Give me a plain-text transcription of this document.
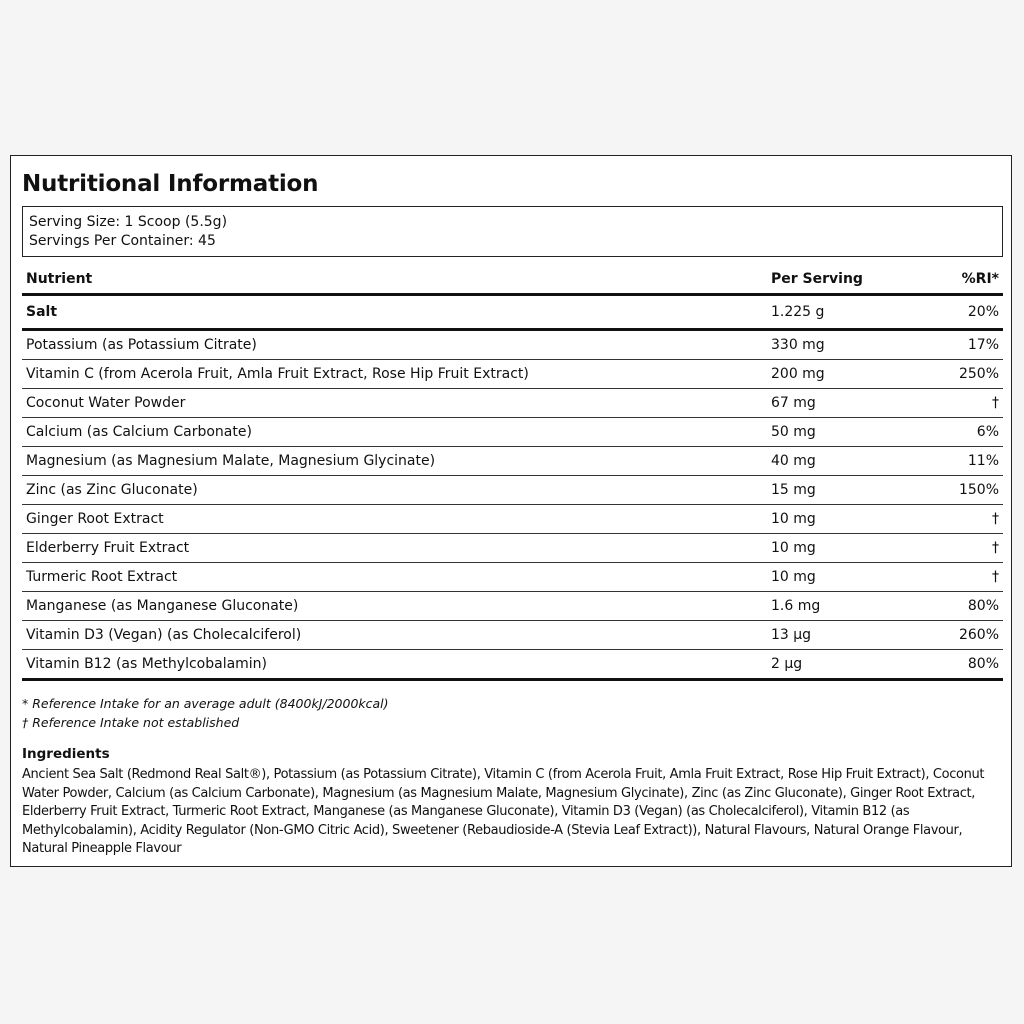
Nutritional Information
Serving Size: 1 Scoop (5.5g)
Servings Per Container: 45
Nutrient	Per Serving	%RI*
Salt	1.225 g	20%
Potassium (as Potassium Citrate)	330 mg	17%
Vitamin C (from Acerola Fruit, Amla Fruit Extract, Rose Hip Fruit Extract)	200 mg	250%
Coconut Water Powder	67 mg	†
Calcium (as Calcium Carbonate)	50 mg	6%
Magnesium (as Magnesium Malate, Magnesium Glycinate)	40 mg	11%
Zinc (as Zinc Gluconate)	15 mg	150%
Ginger Root Extract	10 mg	†
Elderberry Fruit Extract	10 mg	†
Turmeric Root Extract	10 mg	†
Manganese (as Manganese Gluconate)	1.6 mg	80%
Vitamin D3 (Vegan) (as Cholecalciferol)	13 µg	260%
Vitamin B12 (as Methylcobalamin)	2 µg	80%
* Reference Intake for an average adult (8400kJ/2000kcal)
† Reference Intake not established
Ingredients

Ancient Sea Salt (Redmond Real Salt®), Potassium (as Potassium Citrate), Vitamin C (from Acerola Fruit, Amla Fruit Extract, Rose Hip Fruit Extract), Coconut Water Powder, Calcium (as Calcium Carbonate), Magnesium (as Magnesium Malate, Magnesium Glycinate), Zinc (as Zinc Gluconate), Ginger Root Extract, Elderberry Fruit Extract, Turmeric Root Extract, Manganese (as Manganese Gluconate), Vitamin D3 (Vegan) (as Cholecalciferol), Vitamin B12 (as Methylcobalamin), Acidity Regulator (Non-GMO Citric Acid), Sweetener (Rebaudioside-A (Stevia Leaf Extract)), Natural Flavours, Natural Orange Flavour, Natural Pineapple Flavour
